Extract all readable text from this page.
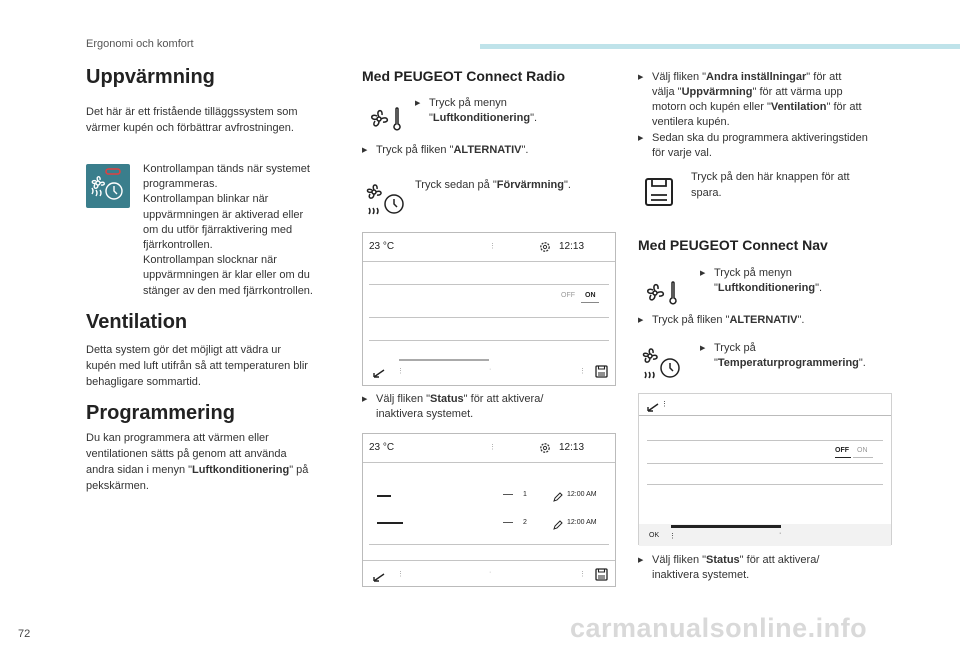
Ergonomi och komfort
Uppvärmning
Det här är ett fristående tilläggssystem som
värmer kupén och förbättrar avfrostningen.
Kontrollampan tänds när systemet
programmeras.
Kontrollampan blinkar när
uppvärmningen är aktiverad eller
om du utför fjärraktivering med
fjärrkontrollen.
Kontrollampan slocknar när
uppvärmningen är klar eller om du
stänger av den med fjärrkontrollen.
Ventilation
Detta system gör det möjligt att vädra ur
kupén med luft utifrån så att temperaturen blir
behagligare sommartid.
Programmering
Du kan programmera att värmen eller
ventilationen sätts på genom att använda
andra sidan i menyn "Luftkonditionering" på
pekskärmen.
Med PEUGEOT Connect Radio
▶ Tryck på menyn
"Luftkonditionering".
▶ Tryck på fliken "ALTERNATIV".
Tryck sedan på "Förvärmning".
23 °C	⋮	12:13
OFF ON
⋮	·	⋮
▶ Välj fliken "Status" för att aktivera/
inaktivera systemet.
23 °C	⋮	12:13
1	12:00 AM
2	12:00 AM
⋮	·	⋮
▶ Välj fliken "Andra inställningar" för att
välja "Uppvärmning" för att värma upp
motorn och kupén eller "Ventilation" för att
ventilera kupén.
▶ Sedan ska du programmera aktiveringstiden
för varje val.
Tryck på den här knappen för att
spara.
Med PEUGEOT Connect Nav
▶ Tryck på menyn
"Luftkonditionering".
▶ Tryck på fliken "ALTERNATIV".
▶ Tryck på
"Temperaturprogrammering".
⋮
OFF ON
OK ⋮	·
▶ Välj fliken "Status" för att aktivera/
inaktivera systemet.
72	carmanualsonline.info
